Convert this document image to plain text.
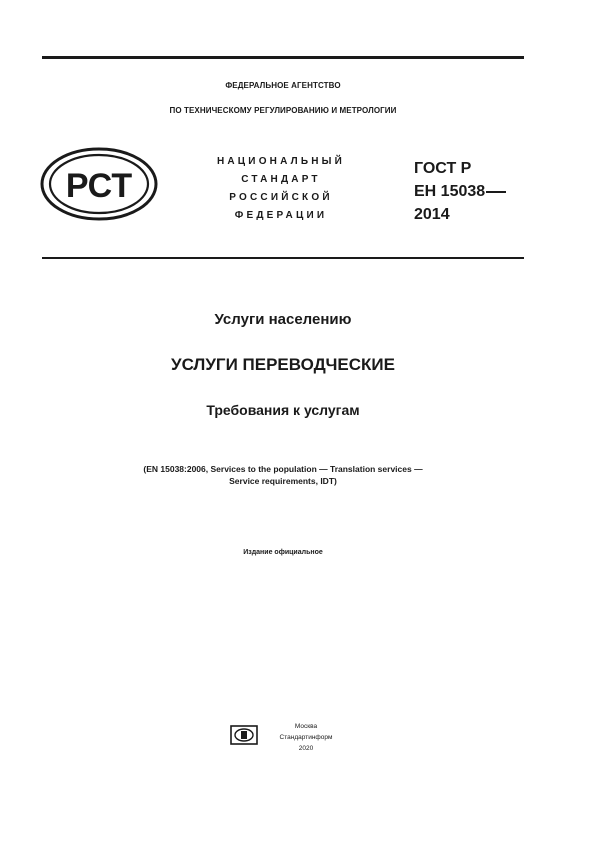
ФЕДЕРАЛЬНОЕ АГЕНТСТВО
ПО ТЕХНИЧЕСКОМУ РЕГУЛИРОВАНИЮ И МЕТРОЛОГИИ
РСТ
НАЦИОНАЛЬНЫЙ
СТАНДАРТ
РОССИЙСКОЙ
ФЕДЕРАЦИИ
ГОСТ Р
ЕН 15038
2014
Услуги населению
УСЛУГИ ПЕРЕВОДЧЕСКИЕ
Требования к услугам
(EN 15038:2006, Services to the population — Translation services —
Service requirements, IDT)
Издание официальное
Москва
Стандартинформ
2020
